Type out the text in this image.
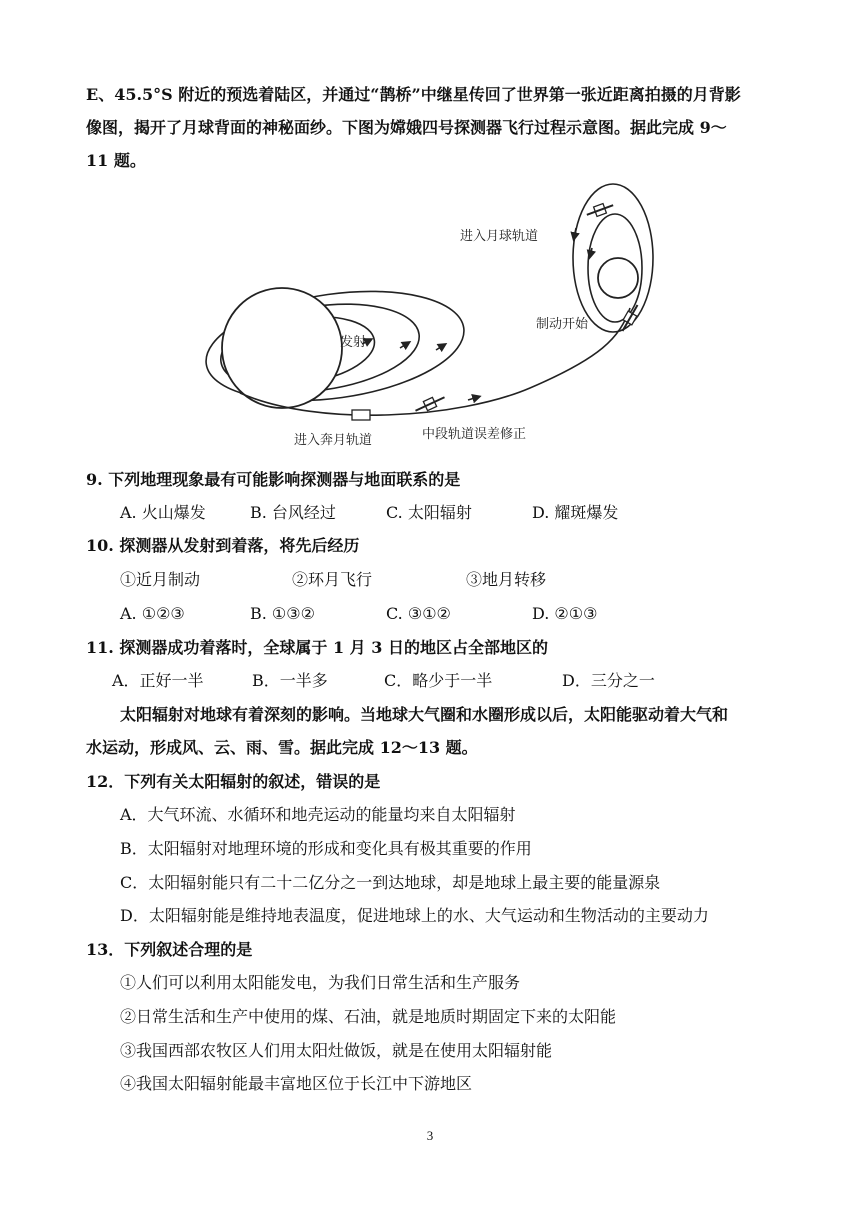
E、45.5°S 附近的预选着陆区，并通过“鹊桥”中继星传回了世界第一张近距离拍摄的月背影
像图，揭开了月球背面的神秘面纱。下图为嫦娥四号探测器飞行过程示意图。据此完成 9～
11 题。
进入月球轨道
制动开始
发射
进入奔月轨道	中段轨道误差修正
9. 下列地理现象最有可能影响探测器与地面联系的是
A. 火山爆发	B. 台风经过	C. 太阳辐射	D. 耀斑爆发
10. 探测器从发射到着落，将先后经历
①近月制动	②环月飞行	③地月转移
A. ①②③	B. ①③②	C. ③①②	D. ②①③
11. 探测器成功着落时，全球属于 1 月 3 日的地区占全部地区的
A．正好一半	B．一半多	C．略少于一半	D．三分之一
太阳辐射对地球有着深刻的影响。当地球大气圈和水圈形成以后，太阳能驱动着大气和
水运动，形成风、云、雨、雪。据此完成 12～13 题。
12．下列有关太阳辐射的叙述，错误的是
A．大气环流、水循环和地壳运动的能量均来自太阳辐射
B．太阳辐射对地理环境的形成和变化具有极其重要的作用
C．太阳辐射能只有二十二亿分之一到达地球，却是地球上最主要的能量源泉
D．太阳辐射能是维持地表温度，促进地球上的水、大气运动和生物活动的主要动力
13．下列叙述合理的是
①人们可以利用太阳能发电，为我们日常生活和生产服务
②日常生活和生产中使用的煤、石油，就是地质时期固定下来的太阳能
③我国西部农牧区人们用太阳灶做饭，就是在使用太阳辐射能
④我国太阳辐射能最丰富地区位于长江中下游地区
3
